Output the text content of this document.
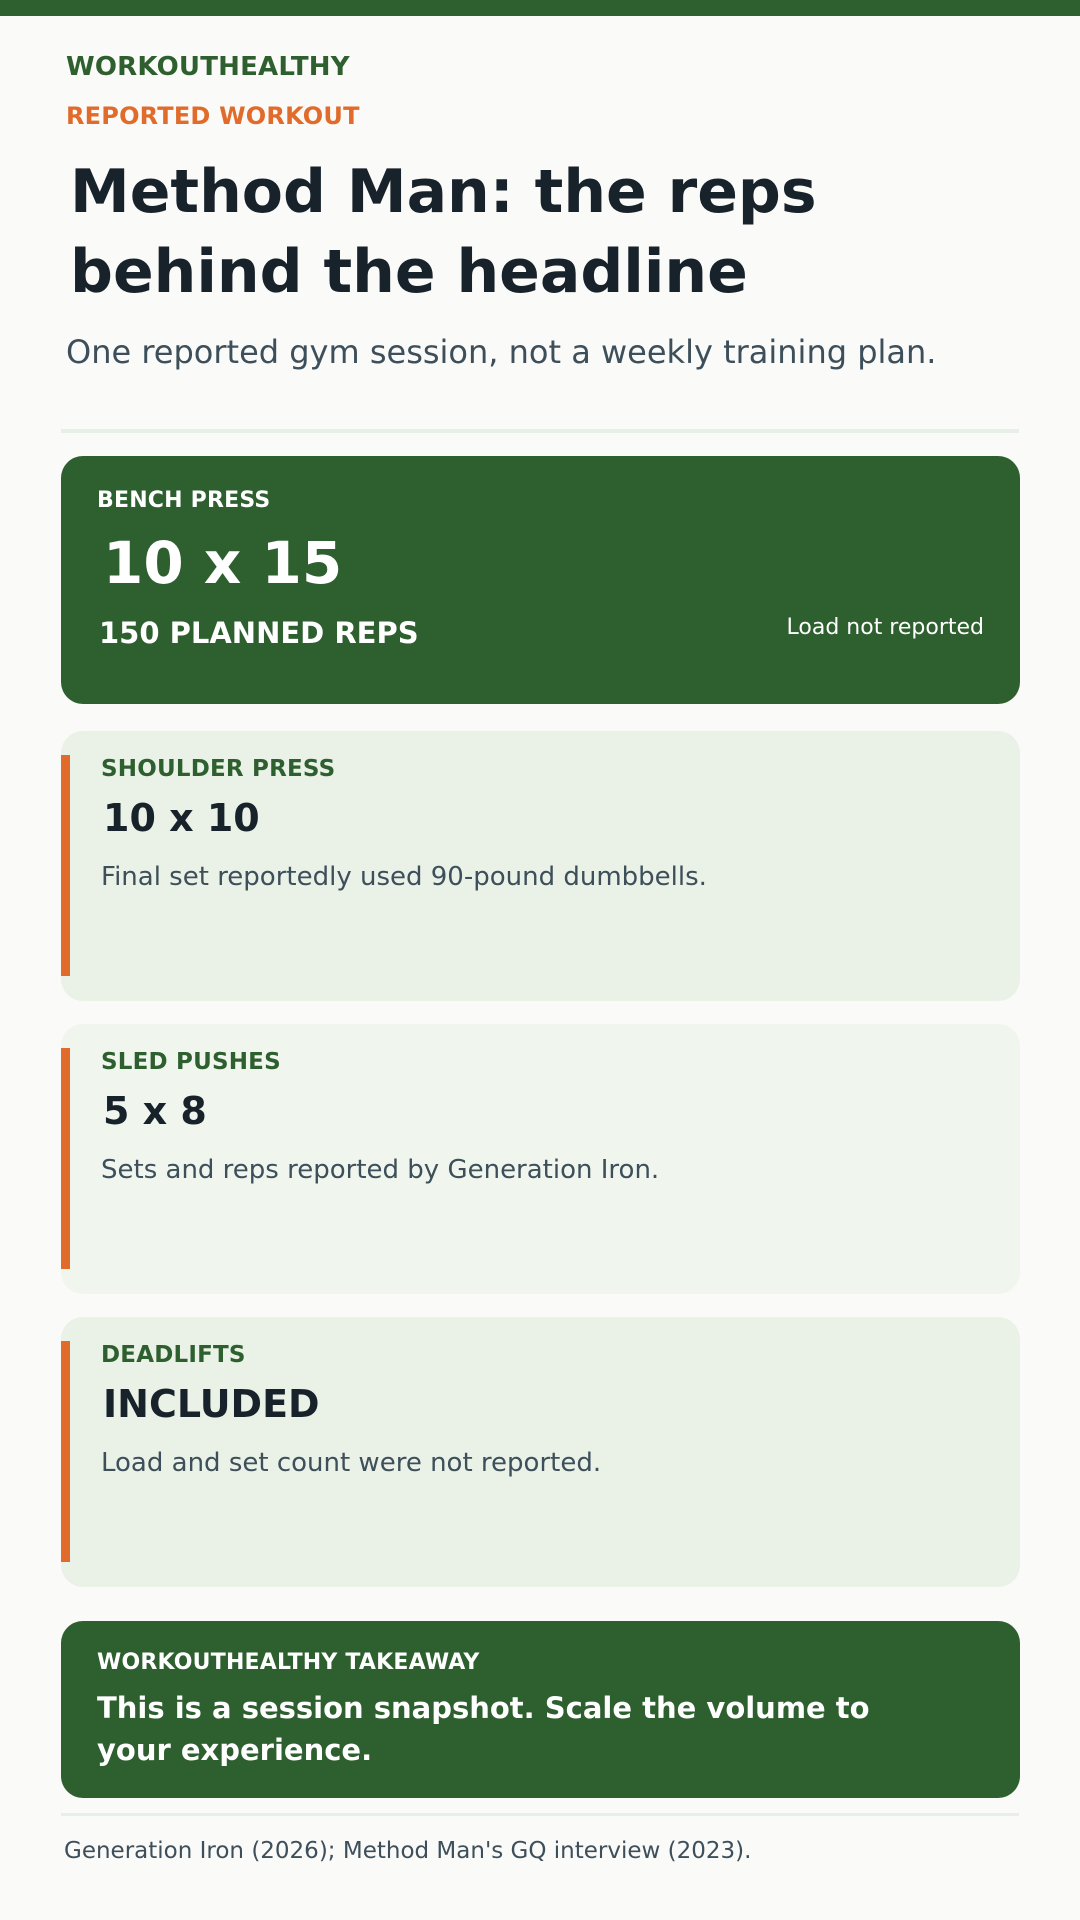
WORKOUTHEALTHY
REPORTED WORKOUT
Method Man: the reps behind the headline
One reported gym session, not a weekly training plan.
BENCH PRESS
10 x 15
150 PLANNED REPS	Load not reported
SHOULDER PRESS
10 x 10
Final set reportedly used 90-pound dumbbells.
SLED PUSHES
5 x 8
Sets and reps reported by Generation Iron.
DEADLIFTS
INCLUDED
Load and set count were not reported.
WORKOUTHEALTHY TAKEAWAY
This is a session snapshot. Scale the volume to your experience.
Generation Iron (2026); Method Man's GQ interview (2023).
